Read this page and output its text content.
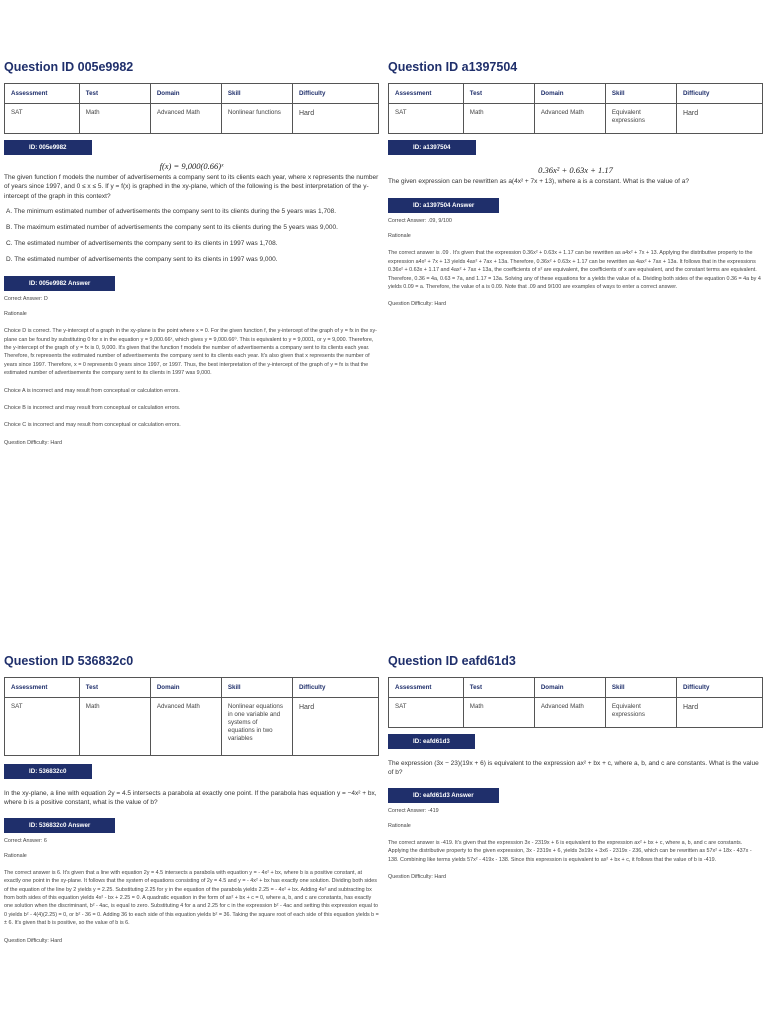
Question ID 005e9982
Assessment	Test	Domain	Skill	Difficulty
SAT	Math	Advanced Math	Nonlinear functions	Hard
ID: 005e9982
f(x) = 9,000(0.66)ˣ
The given function f models the number of advertisements a company sent to its clients each year, where x represents the number of years since 1997, and 0 ≤ x ≤ 5. If y = f(x) is graphed in the xy-plane, which of the following is the best interpretation of the y-intercept of the graph in this context?
A. The minimum estimated number of advertisements the company sent to its clients during the 5 years was 1,708.
B. The maximum estimated number of advertisements the company sent to its clients during the 5 years was 9,000.
C. The estimated number of advertisements the company sent to its clients in 1997 was 1,708.
D. The estimated number of advertisements the company sent to its clients in 1997 was 9,000.
ID: 005e9982 Answer
Correct Answer: D
Rationale
Choice D is correct. The y-intercept of a graph in the xy-plane is the point where x = 0. For the given function f, the y-intercept of the graph of y = fx in the xy-plane can be found by substituting 0 for x in the equation y = 9,000.66ˣ, which gives y = 9,000.66⁰. This is equivalent to y = 9,0001, or y = 9,000. Therefore, the y-intercept of the graph of y = fx is 0, 9,000. It's given that the function f models the number of advertisements a company sent to its clients each year. Therefore, fx represents the estimated number of advertisements the company sent to its clients each year. It's also given that x represents the number of years since 1997. Therefore, x = 0 represents 0 years since 1997, or 1997. Thus, the best interpretation of the y-intercept of the graph of y = fx is that the estimated number of advertisements the company sent to its clients in 1997 was 9,000.
Choice A is incorrect and may result from conceptual or calculation errors.
Choice B is incorrect and may result from conceptual or calculation errors.
Choice C is incorrect and may result from conceptual or calculation errors.
Question Difficulty: Hard
Question ID a1397504
Assessment	Test	Domain	Skill	Difficulty
SAT	Math	Advanced Math	Equivalent expressions	Hard
ID: a1397504
0.36x² + 0.63x + 1.17
The given expression can be rewritten as a(4x² + 7x + 13), where a is a constant. What is the value of a?
ID: a1397504 Answer
Correct Answer: .09, 9/100
Rationale
The correct answer is .09 . It's given that the expression 0.36x² + 0.63x + 1.17 can be rewritten as a4x² + 7x + 13. Applying the distributive property to the expression a4x² + 7x + 13 yields 4ax² + 7ax + 13a. Therefore, 0.36x² + 0.63x + 1.17 can be rewritten as 4ax² + 7ax + 13a. It follows that in the expressions 0.36x² + 0.63x + 1.17 and 4ax² + 7ax + 13a, the coefficients of x² are equivalent, the coefficients of x are equivalent, and the constant terms are equivalent. Therefore, 0.36 = 4a, 0.63 = 7a, and 1.17 = 13a. Solving any of these equations for a yields the value of a. Dividing both sides of the equation 0.36 = 4a by 4 yields 0.09 = a. Therefore, the value of a is 0.09. Note that .09 and 9/100 are examples of ways to enter a correct answer.
Question Difficulty: Hard
Question ID 536832c0
Assessment	Test	Domain	Skill	Difficulty
SAT	Math	Advanced Math	Nonlinear equations in one variable and systems of equations in two variables	Hard
ID: 536832c0
In the xy-plane, a line with equation 2y = 4.5 intersects a parabola at exactly one point. If the parabola has equation y = −4x² + bx, where b is a positive constant, what is the value of b?
ID: 536832c0 Answer
Correct Answer: 6
Rationale
The correct answer is 6. It's given that a line with equation 2y = 4.5 intersects a parabola with equation y = - 4x² + bx, where b is a positive constant, at exactly one point in the xy-plane. It follows that the system of equations consisting of 2y = 4.5 and y = - 4x² + bx has exactly one solution. Dividing both sides of the equation of the line by 2 yields y = 2.25. Substituting 2.25 for y in the equation of the parabola yields 2.25 = - 4x² + bx. Adding 4x² and subtracting bx from both sides of this equation yields 4x² - bx + 2.25 = 0. A quadratic equation in the form of ax² + bx + c = 0, where a, b, and c are constants, has exactly one solution when the discriminant, b² - 4ac, is equal to zero. Substituting 4 for a and 2.25 for c in the expression b² - 4ac and setting this expression equal to 0 yields b² - 4(4)(2.25) = 0, or b² - 36 = 0. Adding 36 to each side of this equation yields b² = 36. Taking the square root of each side of this equation yields b = ± 6. It's given that b is positive, so the value of b is 6.
Question Difficulty: Hard
Question ID eafd61d3
Assessment	Test	Domain	Skill	Difficulty
SAT	Math	Advanced Math	Equivalent expressions	Hard
ID: eafd61d3
The expression (3x − 23)(19x + 6) is equivalent to the expression ax² + bx + c, where a, b, and c are constants. What is the value of b?
ID: eafd61d3 Answer
Correct Answer: -419
Rationale
The correct answer is -419. It's given that the expression 3x - 2319x + 6 is equivalent to the expression ax² + bx + c, where a, b, and c are constants. Applying the distributive property to the given expression, 3x - 2319x + 6, yields 3x19x + 3x6 - 2319x - 236, which can be rewritten as 57x² + 18x - 437x - 138. Combining like terms yields 57x² - 419x - 138. Since this expression is equivalent to ax² + bx + c, it follows that the value of b is -419.
Question Difficulty: Hard
